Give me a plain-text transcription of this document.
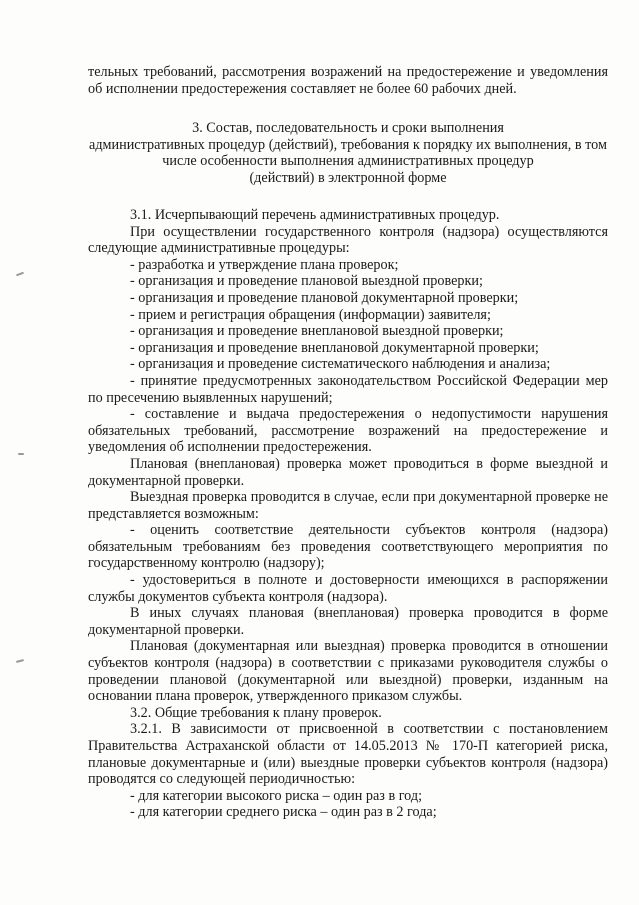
тельных требований, рассмотрения возражений на предостережение и уведомления об исполнении предостережения составляет не более 60 рабочих дней.

3. Состав, последовательность и сроки выполнения

административных процедур (действий), требования к порядку их выполнения, в том числе особенности выполнения административных процедур

(действий) в электронной форме

3.1. Исчерпывающий перечень административных процедур.

При осуществлении государственного контроля (надзора) осуществляются следующие административные процедуры:

- разработка и утверждение плана проверок;

- организация и проведение плановой выездной проверки;

- организация и проведение плановой документарной проверки;

- прием и регистрация обращения (информации) заявителя;

- организация и проведение внеплановой выездной проверки;

- организация и проведение внеплановой документарной проверки;

- организация и проведение систематического наблюдения и анализа;

- принятие предусмотренных законодательством Российской Федерации мер по пресечению выявленных нарушений;

- составление и выдача предостережения о недопустимости нарушения обязательных требований, рассмотрение возражений на предостережение и уведомления об исполнении предостережения.

Плановая (внеплановая) проверка может проводиться в форме выездной и документарной проверки.

Выездная проверка проводится в случае, если при документарной проверке не представляется возможным:

- оценить соответствие деятельности субъектов контроля (надзора) обязательным требованиям без проведения соответствующего мероприятия по государственному контролю (надзору);

- удостовериться в полноте и достоверности имеющихся в распоряжении службы документов субъекта контроля (надзора).

В иных случаях плановая (внеплановая) проверка проводится в форме документарной проверки.

Плановая (документарная или выездная) проверка проводится в отношении субъектов контроля (надзора) в соответствии с приказами руководителя службы о проведении плановой (документарной или выездной) проверки, изданным на основании плана проверок, утвержденного приказом службы.

3.2. Общие требования к плану проверок.

3.2.1. В зависимости от присвоенной в соответствии с постановлением Правительства Астраханской области от 14.05.2013 № 170-П категорией риска, плановые документарные и (или) выездные проверки субъектов контроля (надзора) проводятся со следующей периодичностью:

- для категории высокого риска – один раз в год;

- для категории среднего риска – один раз в 2 года;
